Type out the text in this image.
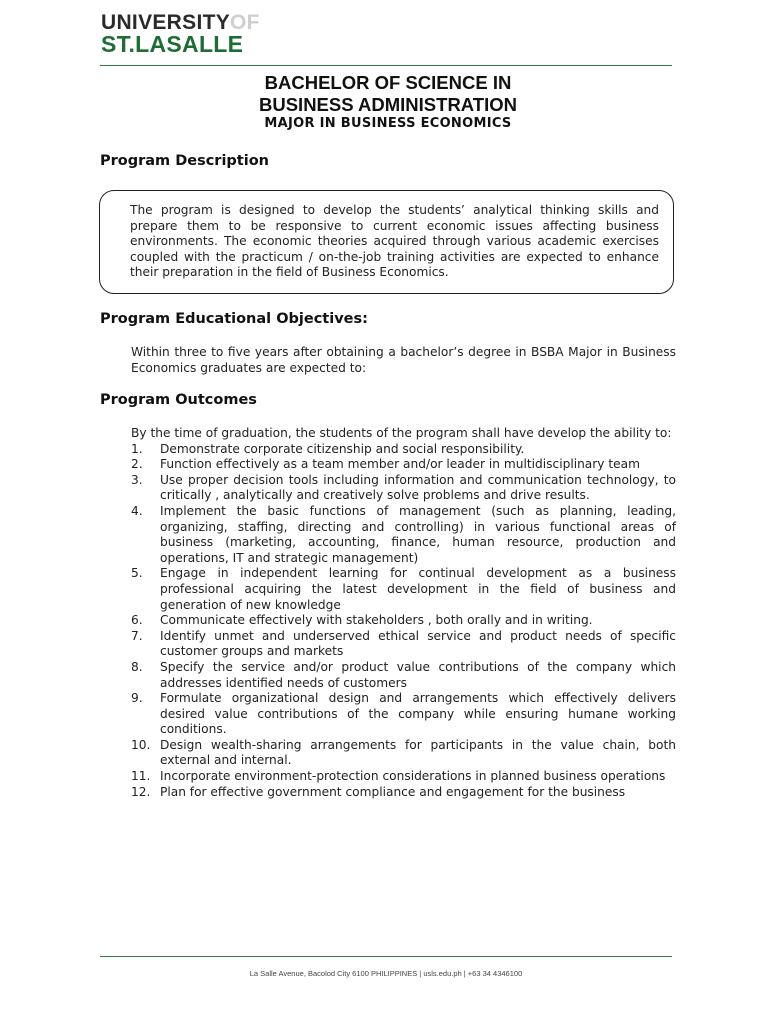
UNIVERSITYOF
ST.LASALLE
BACHELOR OF SCIENCE IN
BUSINESS ADMINISTRATION
MAJOR IN BUSINESS ECONOMICS
Program Description

The program is designed to develop the students’ analytical thinking skills and prepare them to be responsive to current economic issues affecting business environments. The economic theories acquired through various academic exercises coupled with the practicum / on-the-job training activities are expected to enhance their preparation in the field of Business Economics.

Program Educational Objectives:

Within three to five years after obtaining a bachelor’s degree in BSBA Major in Business Economics graduates are expected to:

Program Outcomes
By the time of graduation, the students of the program shall have develop the ability to:
1. Demonstrate corporate citizenship and social responsibility.
2. Function effectively as a team member and/or leader in multidisciplinary team
3. Use proper decision tools including information and communication technology, to critically , analytically and creatively solve problems and drive results.
4. Implement the basic functions of management (such as planning, leading, organizing, staffing, directing and controlling) in various functional areas of business (marketing, accounting, finance, human resource, production and operations, IT and strategic management)
5. Engage in independent learning for continual development as a business professional acquiring the latest development in the field of business and generation of new knowledge
6. Communicate effectively with stakeholders , both orally and in writing.
7. Identify unmet and underserved ethical service and product needs of specific customer groups and markets
8. Specify the service and/or product value contributions of the company which addresses identified needs of customers
9. Formulate organizational design and arrangements which effectively delivers desired value contributions of the company while ensuring humane working conditions.
10. Design wealth-sharing arrangements for participants in the value chain, both external and internal.
11. Incorporate environment-protection considerations in planned business operations
12. Plan for effective government compliance and engagement for the business
La Salle Avenue, Bacolod City 6100 PHILIPPINES | usls.edu.ph | +63 34 4346100
